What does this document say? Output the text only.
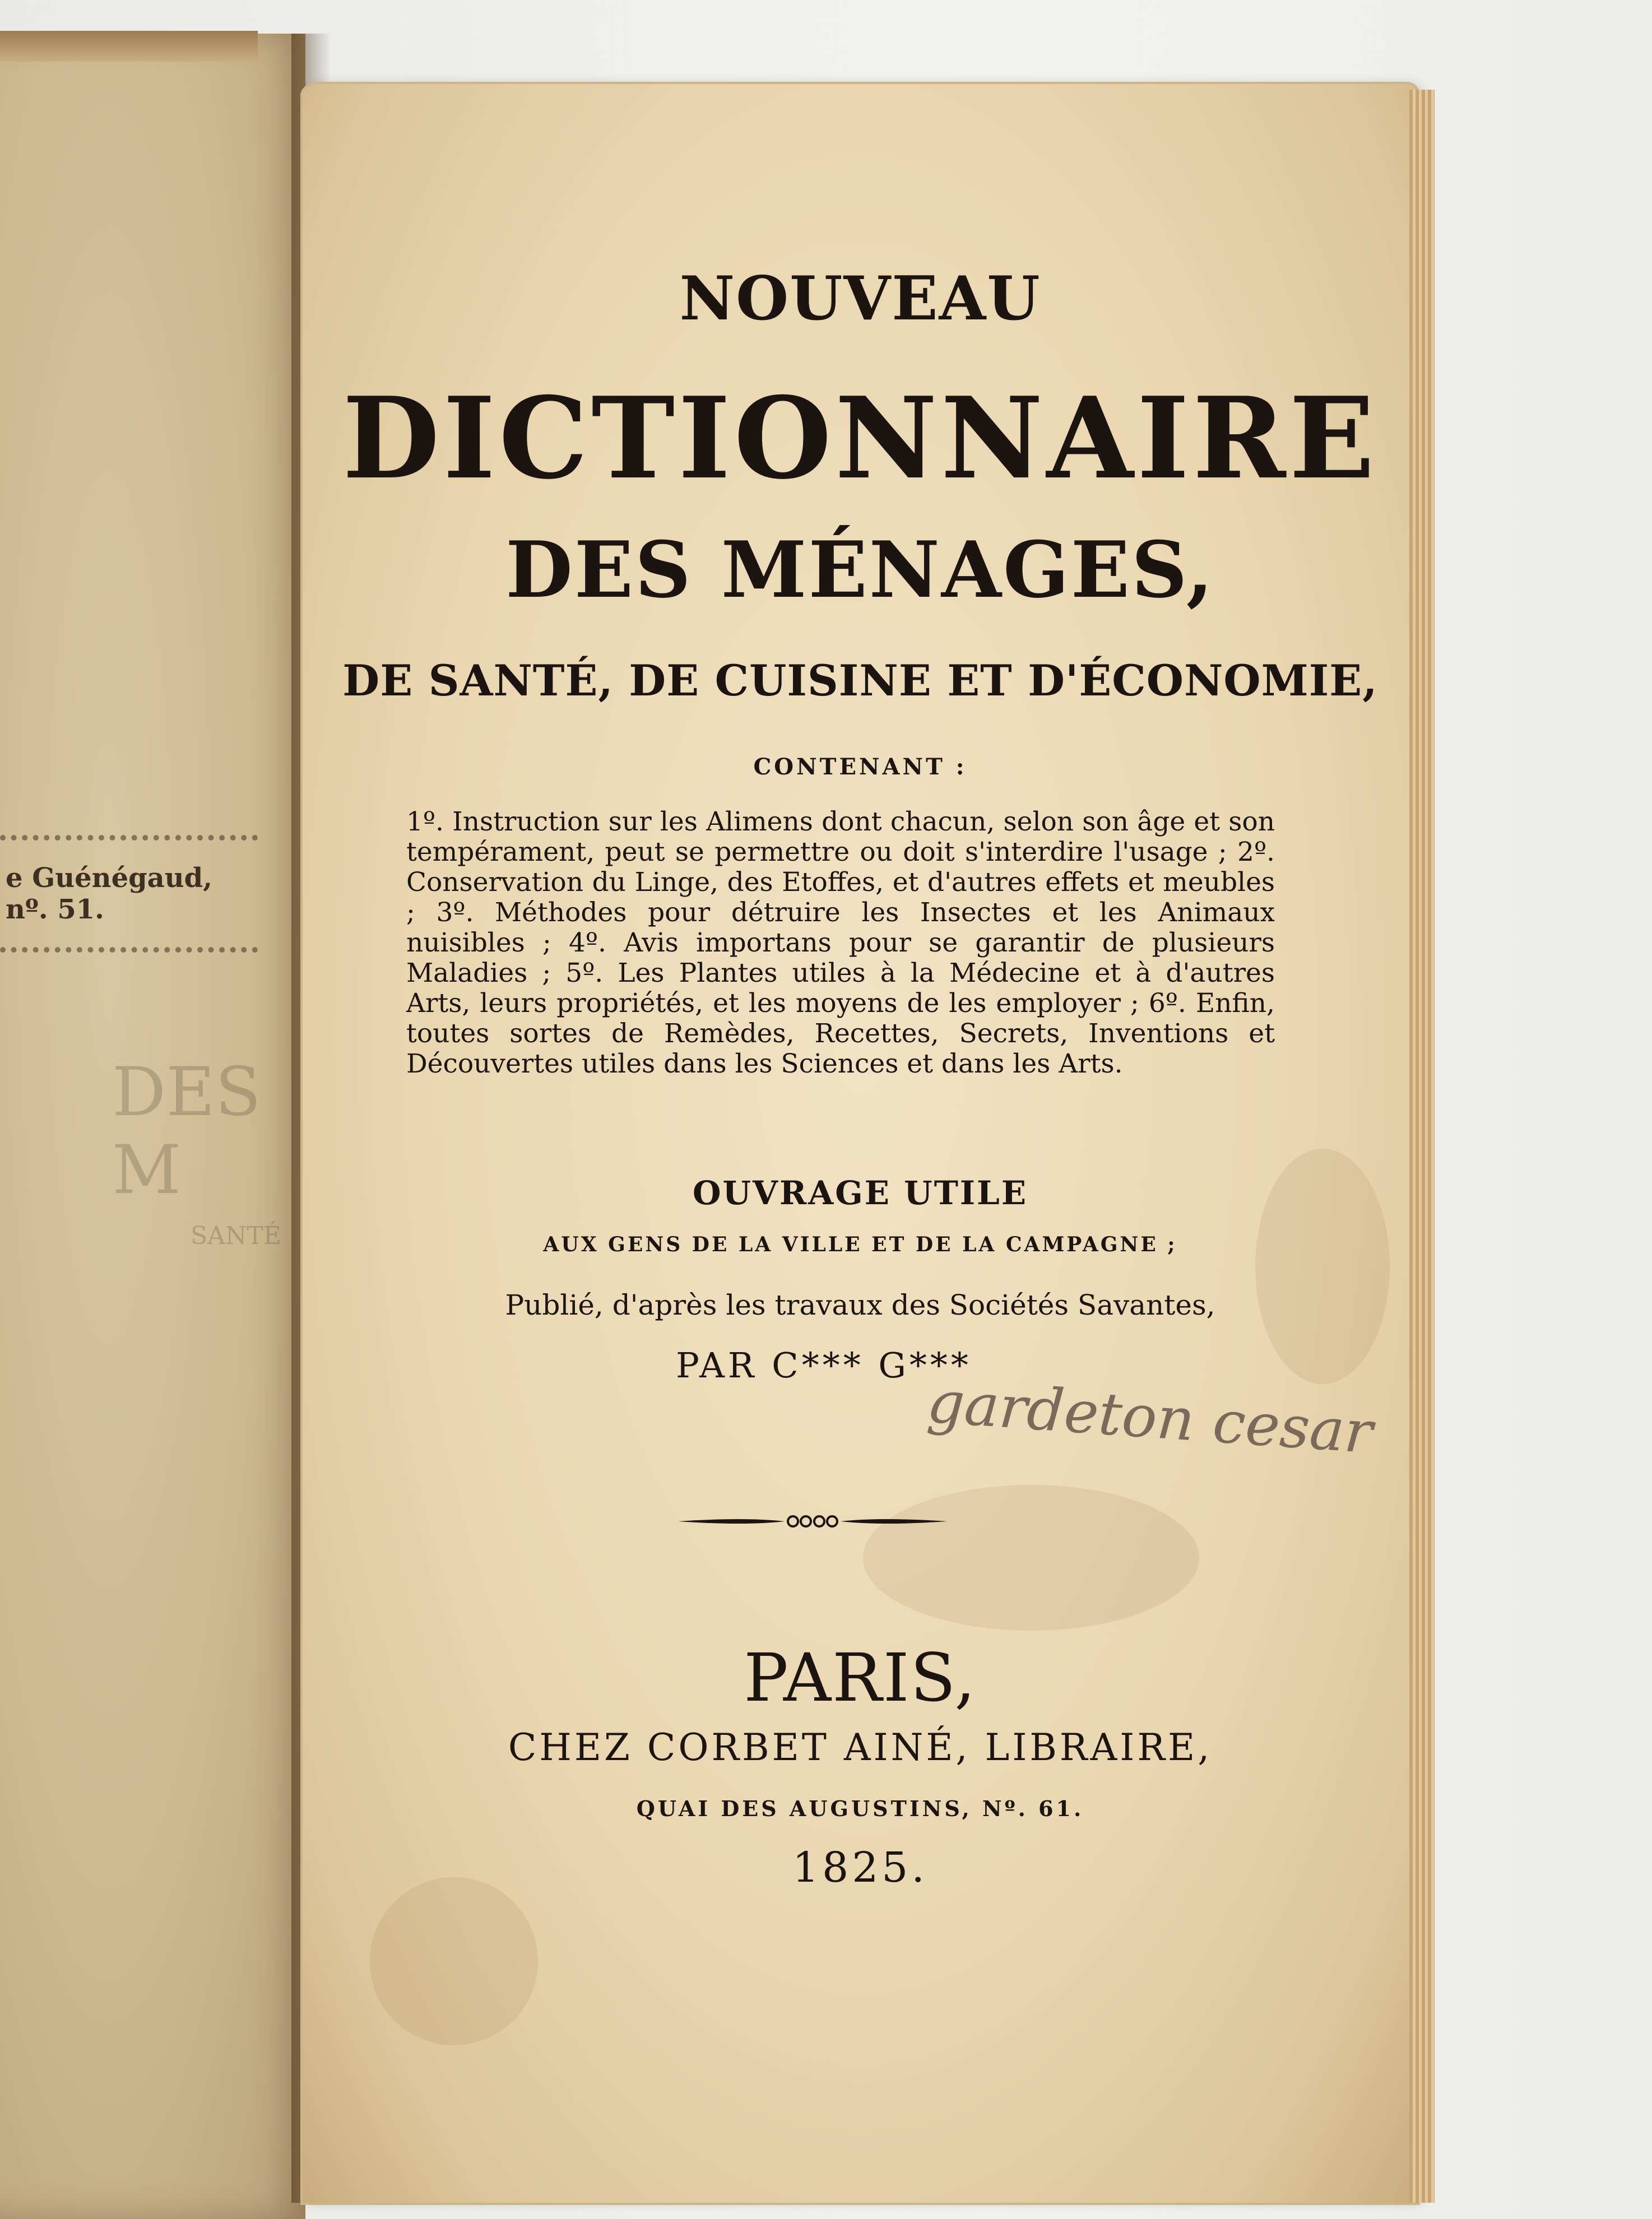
DES M
SANTÉ
e Guénégaud, nº. 51.

NOUVEAU

DICTIONNAIRE

DES MÉNAGES,

DE SANTÉ, DE CUISINE ET D'ÉCONOMIE,

CONTENANT :

1º. Instruction sur les Alimens dont chacun, selon son âge et son tempérament, peut se permettre ou doit s'interdire l'usage ; 2º. Conservation du Linge, des Etoffes, et d'autres effets et meubles ; 3º. Méthodes pour détruire les Insectes et les Animaux nuisibles ; 4º. Avis importans pour se garantir de plusieurs Maladies ; 5º. Les Plantes utiles à la Médecine et à d'autres Arts, leurs propriétés, et les moyens de les employer ; 6º. Enfin, toutes sortes de Remèdes, Recettes, Secrets, Inventions et Découvertes utiles dans les Sciences et dans les Arts.

OUVRAGE UTILE

AUX GENS DE LA VILLE ET DE LA CAMPAGNE ;

Publié, d'après les travaux des Sociétés Savantes,

PAR C*** G***

gardeton cesar

PARIS,

CHEZ CORBET AINÉ, LIBRAIRE,

QUAI DES AUGUSTINS, Nº. 61.

1825.
